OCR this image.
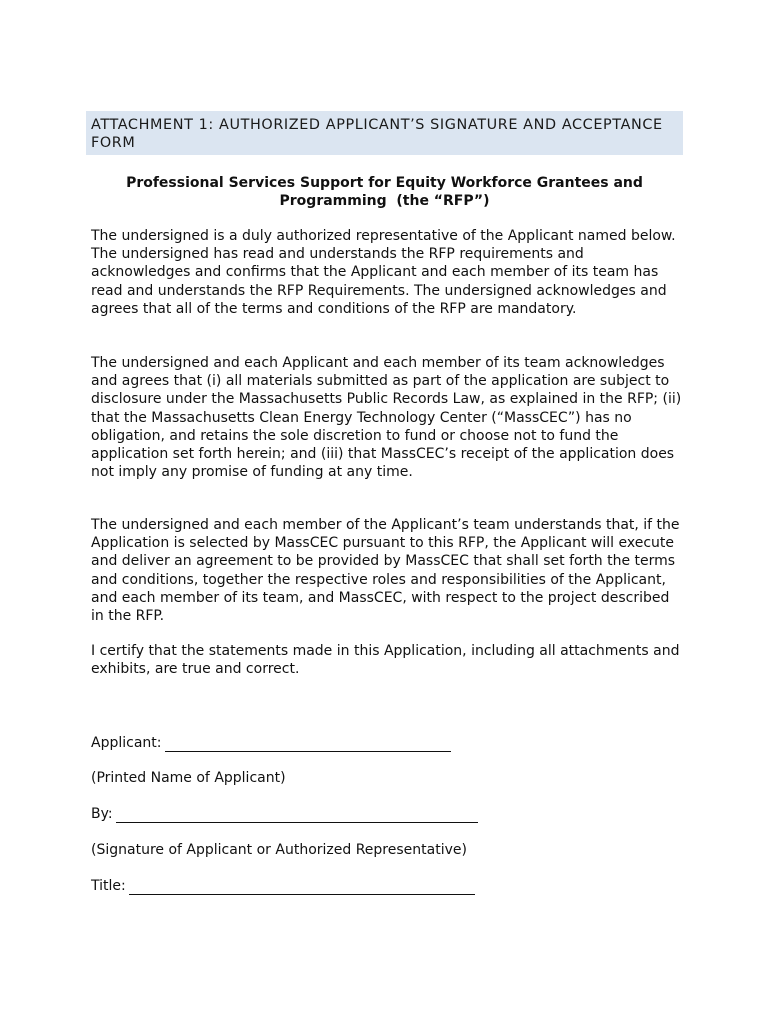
ATTACHMENT 1: AUTHORIZED APPLICANT’S SIGNATURE AND ACCEPTANCE FORM
Professional Services Support for Equity Workforce Grantees and
Programming  (the “RFP”)

The undersigned is a duly authorized representative of the Applicant named below. The undersigned has read and understands the RFP requirements and acknowledges and confirms that the Applicant and each member of its team has read and understands the RFP Requirements. The undersigned acknowledges and agrees that all of the terms and conditions of the RFP are mandatory.

The undersigned and each Applicant and each member of its team acknowledges and agrees that (i) all materials submitted as part of the application are subject to disclosure under the Massachusetts Public Records Law, as explained in the RFP; (ii) that the Massachusetts Clean Energy Technology Center (“MassCEC”) has no obligation, and retains the sole discretion to fund or choose not to fund the application set forth herein; and (iii) that MassCEC’s receipt of the application does not imply any promise of funding at any time.

The undersigned and each member of the Applicant’s team understands that, if the Application is selected by MassCEC pursuant to this RFP, the Applicant will execute and deliver an agreement to be provided by MassCEC that shall set forth the terms and conditions, together the respective roles and responsibilities of the Applicant, and each member of its team, and MassCEC, with respect to the project described in the RFP.

I certify that the statements made in this Application, including all attachments and exhibits, are true and correct.

Applicant:
(Printed Name of Applicant)
By:
(Signature of Applicant or Authorized Representative)
Title:
